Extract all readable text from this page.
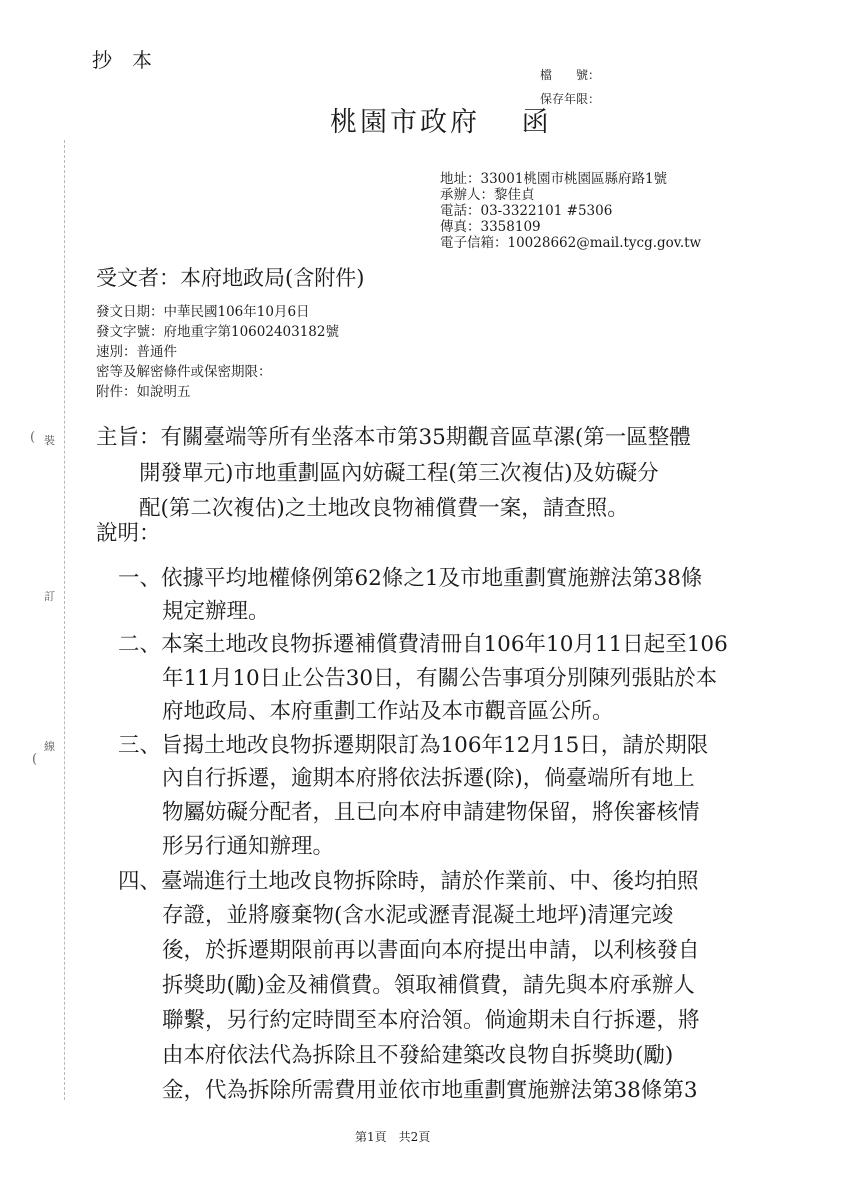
裝
訂
線
(
(
抄本
檔　　號：
保存年限：
桃園市政府　 函
地址：33001桃園市桃園區縣府路1號
承辦人：黎佳貞
電話：03-3322101 #5306
傳真：3358109
電子信箱：10028662@mail.tycg.gov.tw
受文者：本府地政局(含附件)
發文日期：中華民國106年10月6日
發文字號：府地重字第10602403182號
速別：普通件
密等及解密條件或保密期限：
附件：如說明五
主旨：有關臺端等所有坐落本市第35期觀音區草漯(第一區整體
開發單元)市地重劃區內妨礙工程(第三次複估)及妨礙分
配(第二次複估)之土地改良物補償費一案，請查照。
說明：
一、依據平均地權條例第62條之1及市地重劃實施辦法第38條
規定辦理。
二、本案土地改良物拆遷補償費清冊自106年10月11日起至106
年11月10日止公告30日，有關公告事項分別陳列張貼於本
府地政局、本府重劃工作站及本市觀音區公所。
三、旨揭土地改良物拆遷期限訂為106年12月15日，請於期限
內自行拆遷，逾期本府將依法拆遷(除)，倘臺端所有地上
物屬妨礙分配者，且已向本府申請建物保留，將俟審核情
形另行通知辦理。
四、臺端進行土地改良物拆除時，請於作業前、中、後均拍照
存證，並將廢棄物(含水泥或瀝青混凝土地坪)清運完竣
後，於拆遷期限前再以書面向本府提出申請，以利核發自
拆獎助(勵)金及補償費。領取補償費，請先與本府承辦人
聯繫，另行約定時間至本府洽領。倘逾期未自行拆遷，將
由本府依法代為拆除且不發給建築改良物自拆獎助(勵)
金，代為拆除所需費用並依市地重劃實施辦法第38條第3
第1頁　共2頁
